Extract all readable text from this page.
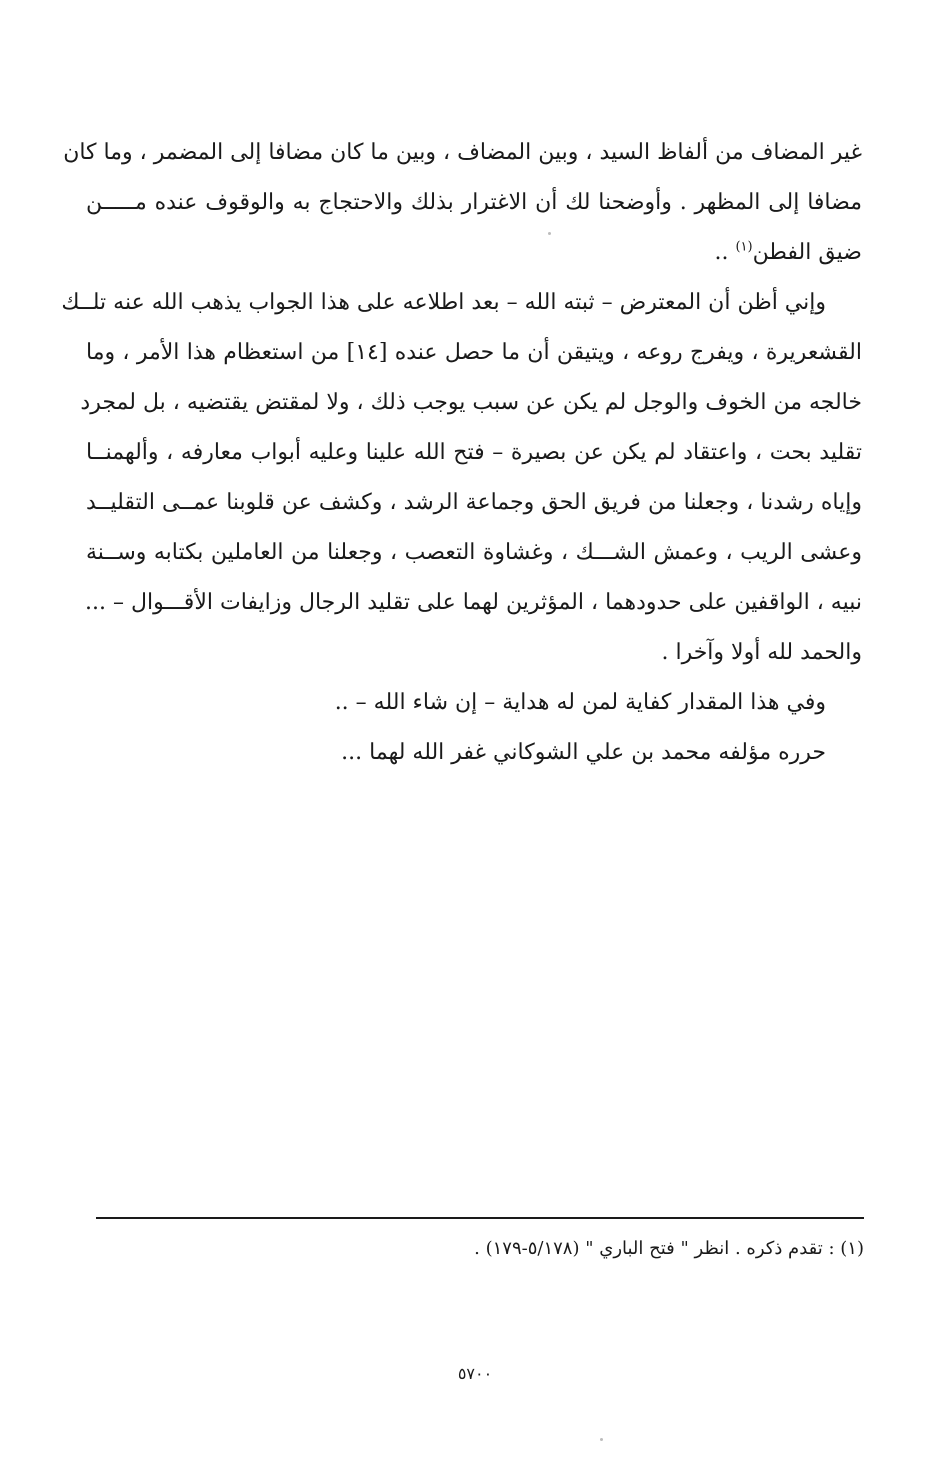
غير المضاف من ألفاظ السيد ، وبين المضاف ، وبين ما كان مضافا إلى المضمر ، وما كان
مضافا إلى المظهر . وأوضحنا لك أن الاغترار بذلك والاحتجاج به والوقوف عنده مـــــن
ضيق الفطن$^{(١)}$ ..
وإني أظن أن المعترض – ثبته الله – بعد اطلاعه على هذا الجواب يذهب الله عنه تلــك
القشعريرة ، ويفرج روعه ، ويتيقن أن ما حصل عنده [١٤] من استعظام هذا الأمر ، وما
خالجه من الخوف والوجل لم يكن عن سبب يوجب ذلك ، ولا لمقتض يقتضيه ، بل لمجرد
تقليد بحت ، واعتقاد لم يكن عن بصيرة – فتح الله علينا وعليه أبواب معارفه ، وألهمنــا
وإياه رشدنا ، وجعلنا من فريق الحق وجماعة الرشد ، وكشف عن قلوبنا عمــى التقليــد
وعشى الريب ، وعمش الشـــك ، وغشاوة التعصب ، وجعلنا من العاملين بكتابه وســنة
نبيه ، الواقفين على حدودهما ، المؤثرين لهما على تقليد الرجال وزايفات الأقـــوال – ...
والحمد لله أولا وآخرا .
وفي هذا المقدار كفاية لمن له هداية – إن شاء الله – ..
حرره مؤلفه محمد بن علي الشوكاني غفر الله لهما ...
(١) : تقدم ذكره . انظر " فتح الباري " (٥/١٧٨-١٧٩) .
٥٧٠٠
